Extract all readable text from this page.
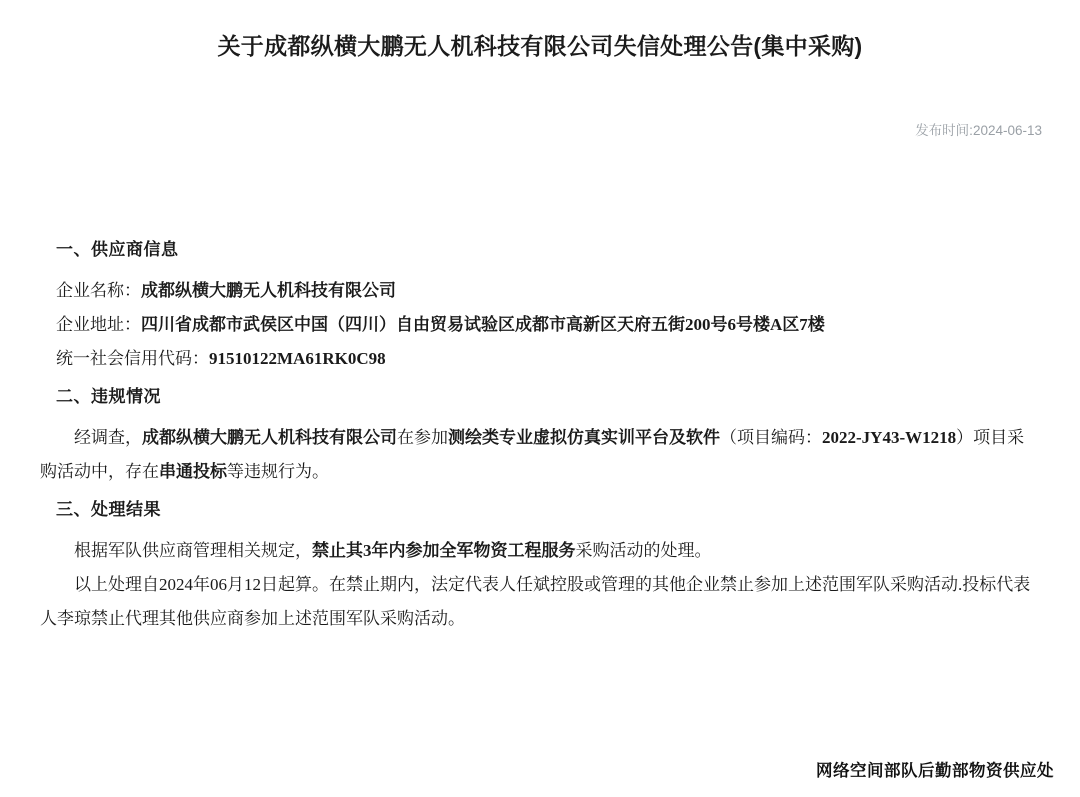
关于成都纵横大鹏无人机科技有限公司失信处理公告(集中采购)
发布时间:2024-06-13
一、供应商信息

企业名称：成都纵横大鹏无人机科技有限公司

企业地址：四川省成都市武侯区中国（四川）自由贸易试验区成都市高新区天府五街200号6号楼A区7楼

统一社会信用代码：91510122MA61RK0C98

二、违规情况

经调查，成都纵横大鹏无人机科技有限公司在参加测绘类专业虚拟仿真实训平台及软件（项目编码：2022-JY43-W1218）项目采购活动中，存在串通投标等违规行为。

三、处理结果

根据军队供应商管理相关规定，禁止其3年内参加全军物资工程服务采购活动的处理。

以上处理自2024年06月12日起算。在禁止期内，法定代表人任斌控股或管理的其他企业禁止参加上述范围军队采购活动.投标代表人李琼禁止代理其他供应商参加上述范围军队采购活动。

网络空间部队后勤部物资供应处
